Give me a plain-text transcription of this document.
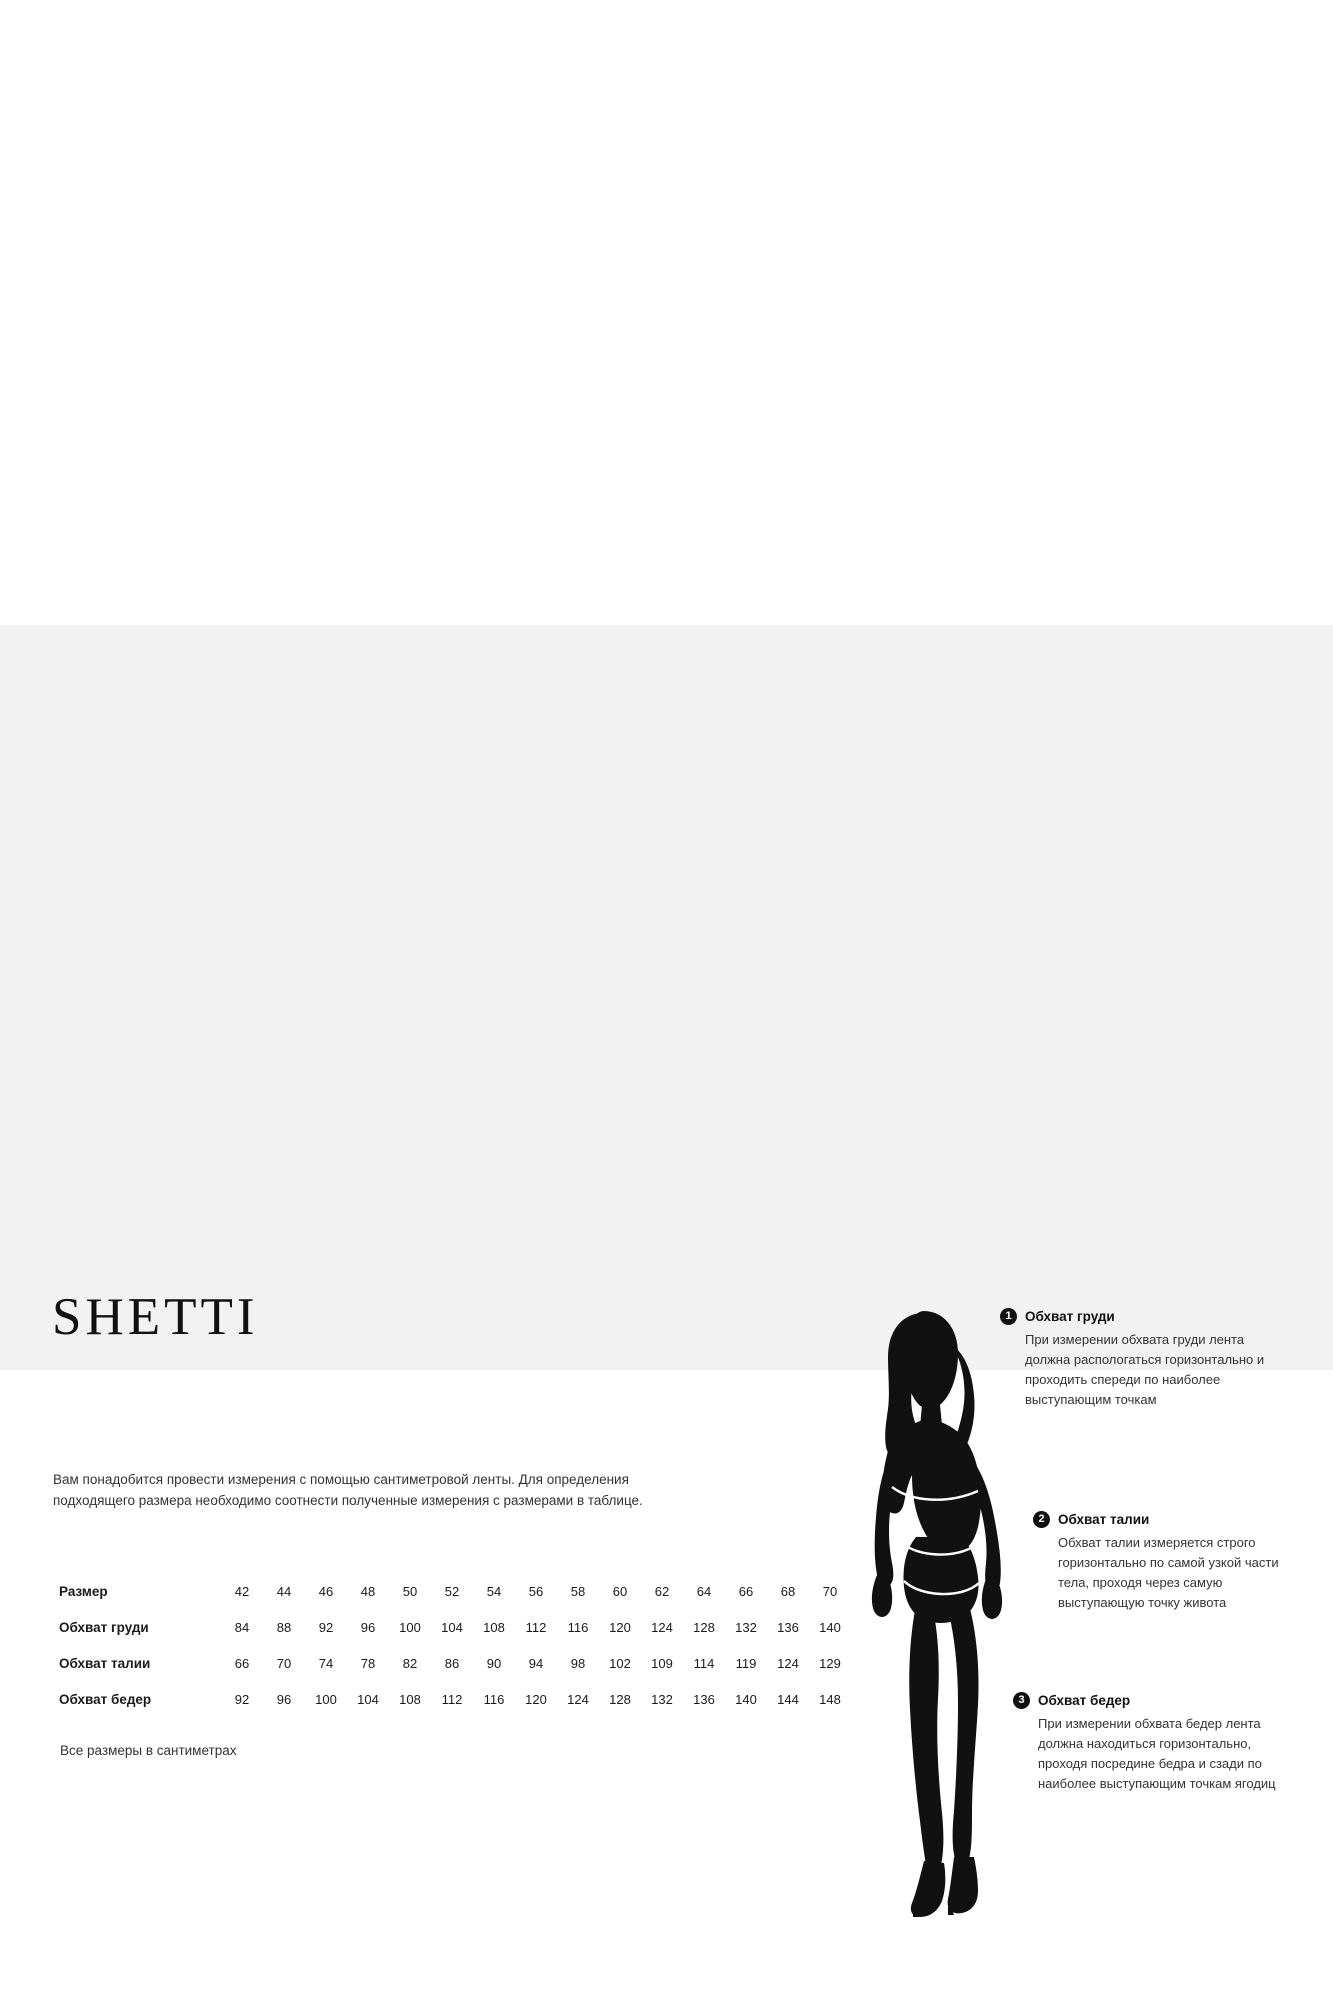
SHETTI
Вам понадобится провести измерения с помощью сантиметровой ленты. Для определения подходящего размера необходимо соотнести полученные измерения с размерами в таблице.
Размер	42	44	46	48	50	52	54	56	58	60	62	64	66	68	70
Обхват груди	84	88	92	96	100	104	108	112	116	120	124	128	132	136	140
Обхват талии	66	70	74	78	82	86	90	94	98	102	109	114	119	124	129
Обхват бедер	92	96	100	104	108	112	116	120	124	128	132	136	140	144	148
Все размеры в сантиметрах
1 Обхват груди
При измерении обхвата груди лента должна распологаться горизонтально и проходить спереди по наиболее выступающим точкам
2 Обхват талии
Обхват талии измеряется строго горизонтально по самой узкой части тела, проходя через самую выступающую точку живота
3 Обхват бедер
При измерении обхвата бедер лента должна находиться горизонтально, проходя посредине бедра и сзади по наиболее выступающим точкам ягодиц
